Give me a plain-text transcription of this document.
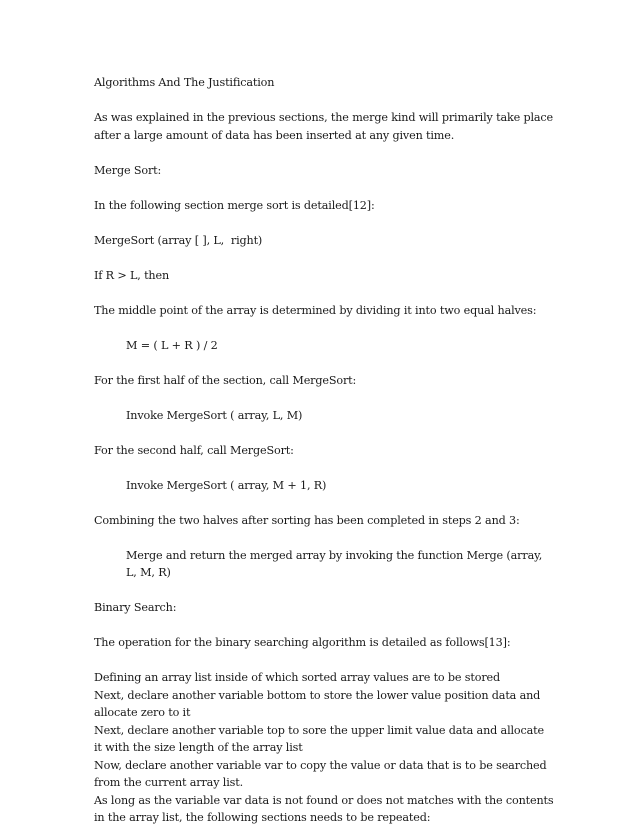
Algorithms And The Justification

As was explained in the previous sections, the merge kind will primarily take place after a large amount of data has been inserted at any given time.

Merge Sort:

In the following section merge sort is detailed[12]:

MergeSort (array [ ], L,  right)

If R > L, then

The middle point of the array is determined by dividing it into two equal halves:

M = ( L + R ) / 2

For the first half of the section, call MergeSort:

Invoke MergeSort ( array, L, M)

For the second half, call MergeSort:

Invoke MergeSort ( array, M + 1, R)

Combining the two halves after sorting has been completed in steps 2 and 3:

Merge and return the merged array by invoking the function Merge (array, L, M, R)

Binary Search:

The operation for the binary searching algorithm is detailed as follows[13]:

Defining an array list inside of which sorted array values are to be stored

Next, declare another variable bottom to store the lower value position data and allocate zero to it

Next, declare another variable top to sore the upper limit value data and allocate it with the size length of the array list

Now, declare another variable var to copy the value or data that is to be searched from the current array list.

As long as the variable var data is not found or does not matches with the contents in the array list, the following sections needs to be repeated:
